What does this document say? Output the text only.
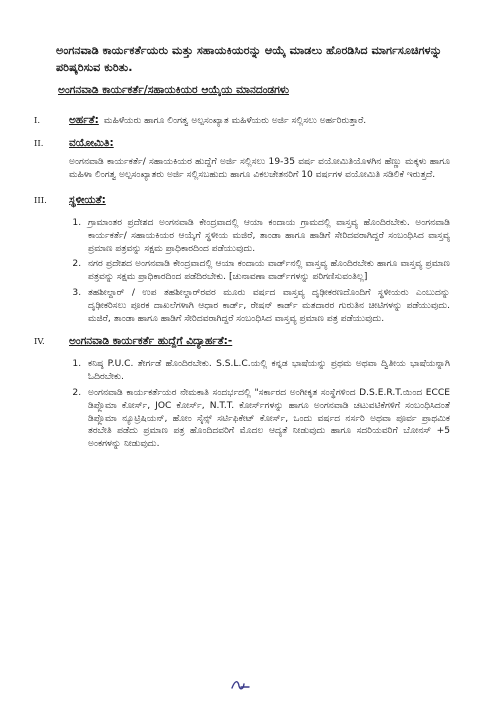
ಅಂಗನವಾಡಿ ಕಾರ್ಯಕರ್ತೆಯರು ಮತ್ತು ಸಹಾಯಕಿಯರನ್ನು ಆಯ್ಕೆ ಮಾಡಲು ಹೊರಡಿಸಿದ ಮಾರ್ಗಸೂಚಿಗಳನ್ನು ಪರಿಷ್ಕರಿಸುವ ಕುರಿತು.
ಅಂಗನವಾಡಿ ಕಾರ್ಯಕರ್ತೆ/ಸಹಾಯಕಿಯರ ಆಯ್ಕೆಯ ಮಾನದಂಡಗಳು
I.	ಅರ್ಹತೆ: ಮಹಿಳೆಯರು ಹಾಗೂ ಲಿಂಗತ್ವ ಅಲ್ಪಸಂಖ್ಯಾತ ಮಹಿಳೆಯರು ಅರ್ಜಿ ಸಲ್ಲಿಸಲು ಅರ್ಹರಿರುತ್ತಾರೆ.
II.	ವಯೋಮಿತಿ:
ಅಂಗನವಾಡಿ ಕಾರ್ಯಕರ್ತೆ/ ಸಹಾಯಕಿಯರ ಹುದ್ದೆಗೆ ಅರ್ಜಿ ಸಲ್ಲಿಸಲು 19-35 ವರ್ಷ ವಯೋಮಿತಿಯೊಳಗಿನ ಹೆಣ್ಣು ಮಕ್ಕಳು ಹಾಗೂ ಮಹಿಳಾ ಲಿಂಗತ್ವ ಅಲ್ಪಸಂಖ್ಯಾತರು ಅರ್ಜಿ ಸಲ್ಲಿಸಬಹುದು ಹಾಗೂ ವಿಕಲಚೇತನರಿಗೆ 10 ವರ್ಷಗಳ ವಯೋಮಿತಿ ಸಡಿಲಿಕೆ ಇರುತ್ತದೆ.
III.	ಸ್ಥಳೀಯತೆ:
1. ಗ್ರಾಮಾಂತರ ಪ್ರದೇಶದ ಅಂಗನವಾಡಿ ಕೇಂದ್ರವಾದಲ್ಲಿ ಆಯಾ ಕಂದಾಯ ಗ್ರಾಮದಲ್ಲಿ ವಾಸ್ತವ್ಯ ಹೊಂದಿರಬೇಕು. ಅಂಗನವಾಡಿ ಕಾರ್ಯಕರ್ತೆ/ ಸಹಾಯಕಿಯರ ಆಯ್ಕೆಗೆ ಸ್ಥಳೀಯ ಮಜಿರೆ, ತಾಂಡಾ ಹಾಗೂ ಹಾಡಿಗೆ ಸೇರಿದವರಾಗಿದ್ದರೆ ಸಂಬಂಧಿಸಿದ ವಾಸ್ತವ್ಯ ಪ್ರಮಾಣ ಪತ್ರವನ್ನು ಸಕ್ಷಮ ಪ್ರಾಧಿಕಾರದಿಂದ ಪಡೆಯುವುದು.
2. ನಗರ ಪ್ರದೇಶದ ಅಂಗನವಾಡಿ ಕೇಂದ್ರವಾದಲ್ಲಿ ಆಯಾ ಕಂದಾಯ ವಾರ್ಡ್‌ನಲ್ಲಿ ವಾಸ್ತವ್ಯ ಹೊಂದಿರಬೇಕು ಹಾಗೂ ವಾಸ್ತವ್ಯ ಪ್ರಮಾಣ ಪತ್ರವನ್ನು ಸಕ್ಷಮ ಪ್ರಾಧಿಕಾರದಿಂದ ಪಡೆದಿರಬೇಕು. [ಚುನಾವಣಾ ವಾರ್ಡ್‌ಗಳನ್ನು ಪರಿಗಣಿಸುವಂತಿಲ್ಲ]
3. ತಹಶೀಲ್ದಾರ್ / ಉಪ ತಹಶೀಲ್ದಾರ್‌ರವರ ಮೂರು ವರ್ಷದ ವಾಸ್ತವ್ಯ ದೃಢೀಕರಣದೊಂದಿಗೆ ಸ್ಥಳೀಯರು ಎಂಬುದನ್ನು ದೃಢೀಕರಿಸಲು ಪೂರಕ ದಾಖಲೆಗಳಾಗಿ ಆಧಾರ ಕಾರ್ಡ್, ರೇಷನ್ ಕಾರ್ಡ್ ಮತದಾರರ ಗುರುತಿನ ಚೀಟಿಗಳನ್ನು ಪಡೆಯುವುದು. ಮಜಿರೆ, ತಾಂಡಾ ಹಾಗೂ ಹಾಡಿಗೆ ಸೇರಿದವರಾಗಿದ್ದರೆ ಸಂಬಂಧಿಸಿದ ವಾಸ್ತವ್ಯ ಪ್ರಮಾಣ ಪತ್ರ ಪಡೆಯುವುದು.
IV.	ಅಂಗನವಾಡಿ ಕಾರ್ಯಕರ್ತೆ ಹುದ್ದೆಗೆ ವಿದ್ಯಾರ್ಹತೆ:-
1. ಕನಿಷ್ಠ P.U.C. ತೇರ್ಗಡೆ ಹೊಂದಿರಬೇಕು. S.S.L.C.ಯಲ್ಲಿ ಕನ್ನಡ ಭಾಷೆಯನ್ನು ಪ್ರಥಮ ಅಥವಾ ದ್ವಿತೀಯ ಭಾಷೆಯನ್ನಾಗಿ ಓದಿರಬೇಕು.
2. ಅಂಗನವಾಡಿ ಕಾರ್ಯಕರ್ತೆಯರ ನೇಮಕಾತಿ ಸಂದರ್ಭದಲ್ಲಿ "ಸರ್ಕಾರದ ಅಂಗೀಕೃತ ಸಂಸ್ಥೆಗಳಿಂದ D.S.E.R.T.ಯಿಂದ ECCE ಡಿಪ್ಲೊಮಾ ಕೋರ್ಸ್, JOC ಕೋರ್ಸ್, N.T.T. ಕೋರ್ಸ್‌ಗಳನ್ನು ಹಾಗೂ ಅಂಗನವಾಡಿ ಚಟುವಟಿಕೆಗಳಿಗೆ ಸಂಬಂಧಿಸಿದಂತೆ ಡಿಪ್ಲೊಮಾ ನ್ಯೂಟ್ರಿಷಿಯನ್, ಹೋಂ ಸೈನ್ಸ್ ಸರ್ಟಿಫಿಕೇಟ್ ಕೋರ್ಸ್, ಒಂದು ವರ್ಷದ ನರ್ಸರಿ ಅಥವಾ ಪೂರ್ವ ಪ್ರಾಥಮಿಕ ತರಬೇತಿ ಪಡೆದು ಪ್ರಮಾಣ ಪತ್ರ ಹೊಂದಿದವರಿಗೆ ಮೊದಲ ಆದ್ಯತೆ ನೀಡುವುದು ಹಾಗೂ ಸದರಿಯವರಿಗೆ ಬೋನಸ್ +5 ಅಂಕಗಳನ್ನು ನೀಡುವುದು.
